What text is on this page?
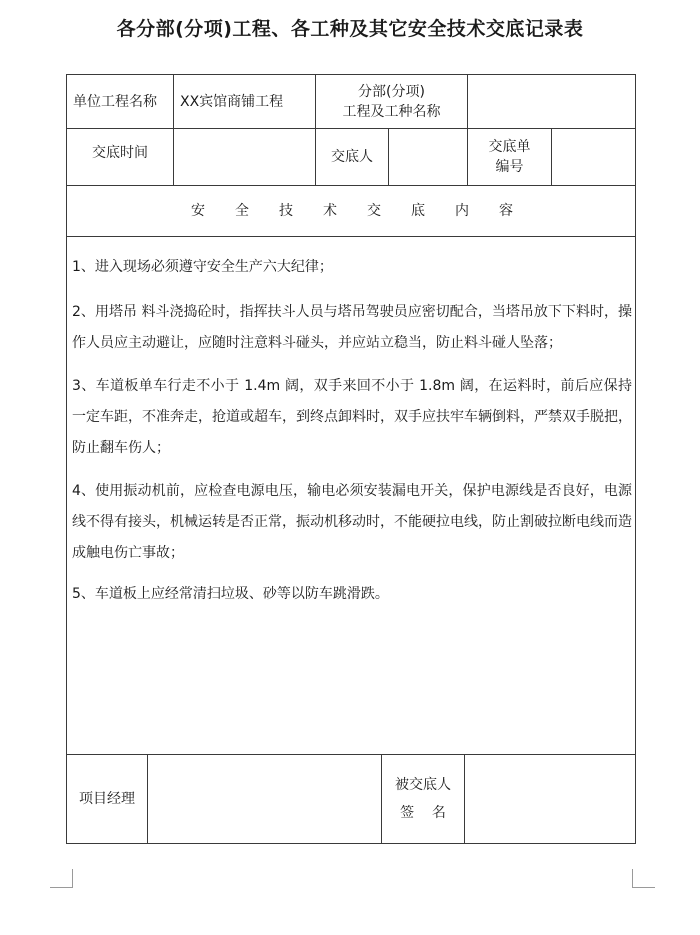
各分部(分项)工程、各工种及其它安全技术交底记录表
单位工程名称	XX宾馆商铺工程
分部(分项)
工程及工种名称
交底时间	交底人
交底单
编号
安全技术交底内容
1、进入现场必须遵守安全生产六大纪律；
2、用塔吊 料斗浇捣砼时，指挥扶斗人员与塔吊驾驶员应密切配合，当塔吊放下下料时，操作人员应主动避让，应随时注意料斗碰头，并应站立稳当，防止料斗碰人坠落；
3、车道板单车行走不小于 1.4m 阔，双手来回不小于 1.8m 阔，在运料时，前后应保持一定车距，不准奔走，抢道或超车，到终点卸料时，双手应扶牢车辆倒料，严禁双手脱把，防止翻车伤人；
4、使用振动机前，应检查电源电压，输电必须安装漏电开关，保护电源线是否良好，电源线不得有接头，机械运转是否正常，振动机移动时，不能硬拉电线，防止割破拉断电线而造成触电伤亡事故；
5、车道板上应经常清扫垃圾、砂等以防车跳滑跌。
项目经理
被交底人
签    名
